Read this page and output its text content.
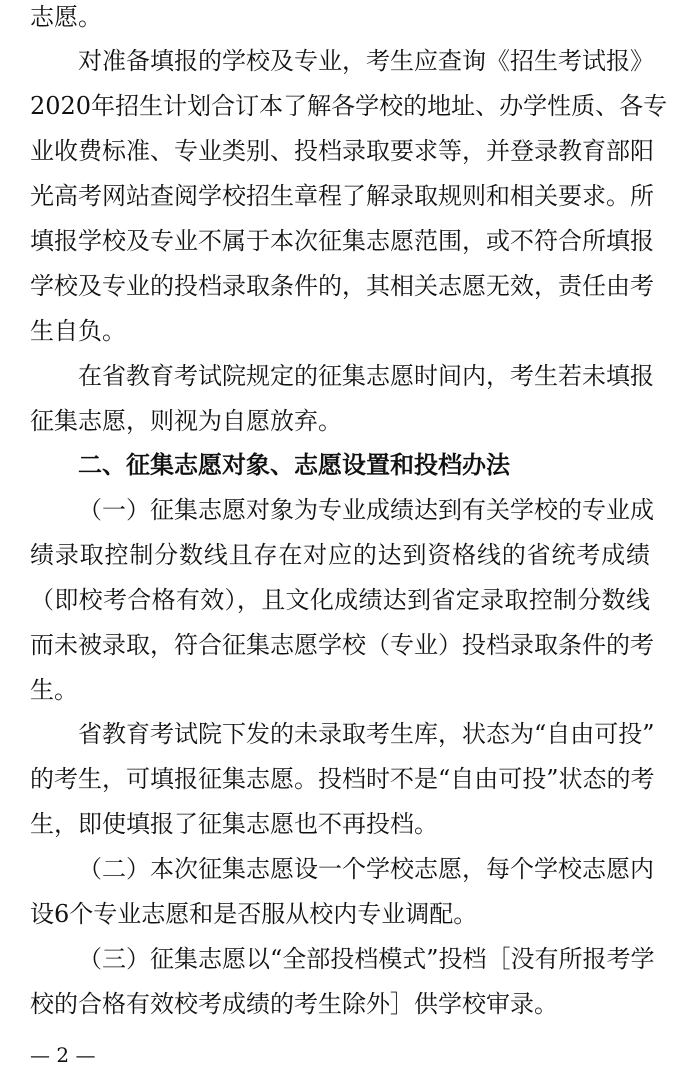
志愿。
对准备填报的学校及专业，考生应查询《招生考试报》
2020年招生计划合订本了解各学校的地址、办学性质、各专
业收费标准、专业类别、投档录取要求等，并登录教育部阳
光高考网站查阅学校招生章程了解录取规则和相关要求。所
填报学校及专业不属于本次征集志愿范围，或不符合所填报
学校及专业的投档录取条件的，其相关志愿无效，责任由考
生自负。
在省教育考试院规定的征集志愿时间内，考生若未填报
征集志愿，则视为自愿放弃。
二、征集志愿对象、志愿设置和投档办法
（一）征集志愿对象为专业成绩达到有关学校的专业成
绩录取控制分数线且存在对应的达到资格线的省统考成绩
（即校考合格有效），且文化成绩达到省定录取控制分数线
而未被录取，符合征集志愿学校（专业）投档录取条件的考
生。
省教育考试院下发的未录取考生库，状态为“自由可投”
的考生，可填报征集志愿。投档时不是“自由可投”状态的考
生，即使填报了征集志愿也不再投档。
（二）本次征集志愿设一个学校志愿，每个学校志愿内
设6个专业志愿和是否服从校内专业调配。
（三）征集志愿以“全部投档模式”投档［没有所报考学
校的合格有效校考成绩的考生除外］供学校审录。
— 2 —
